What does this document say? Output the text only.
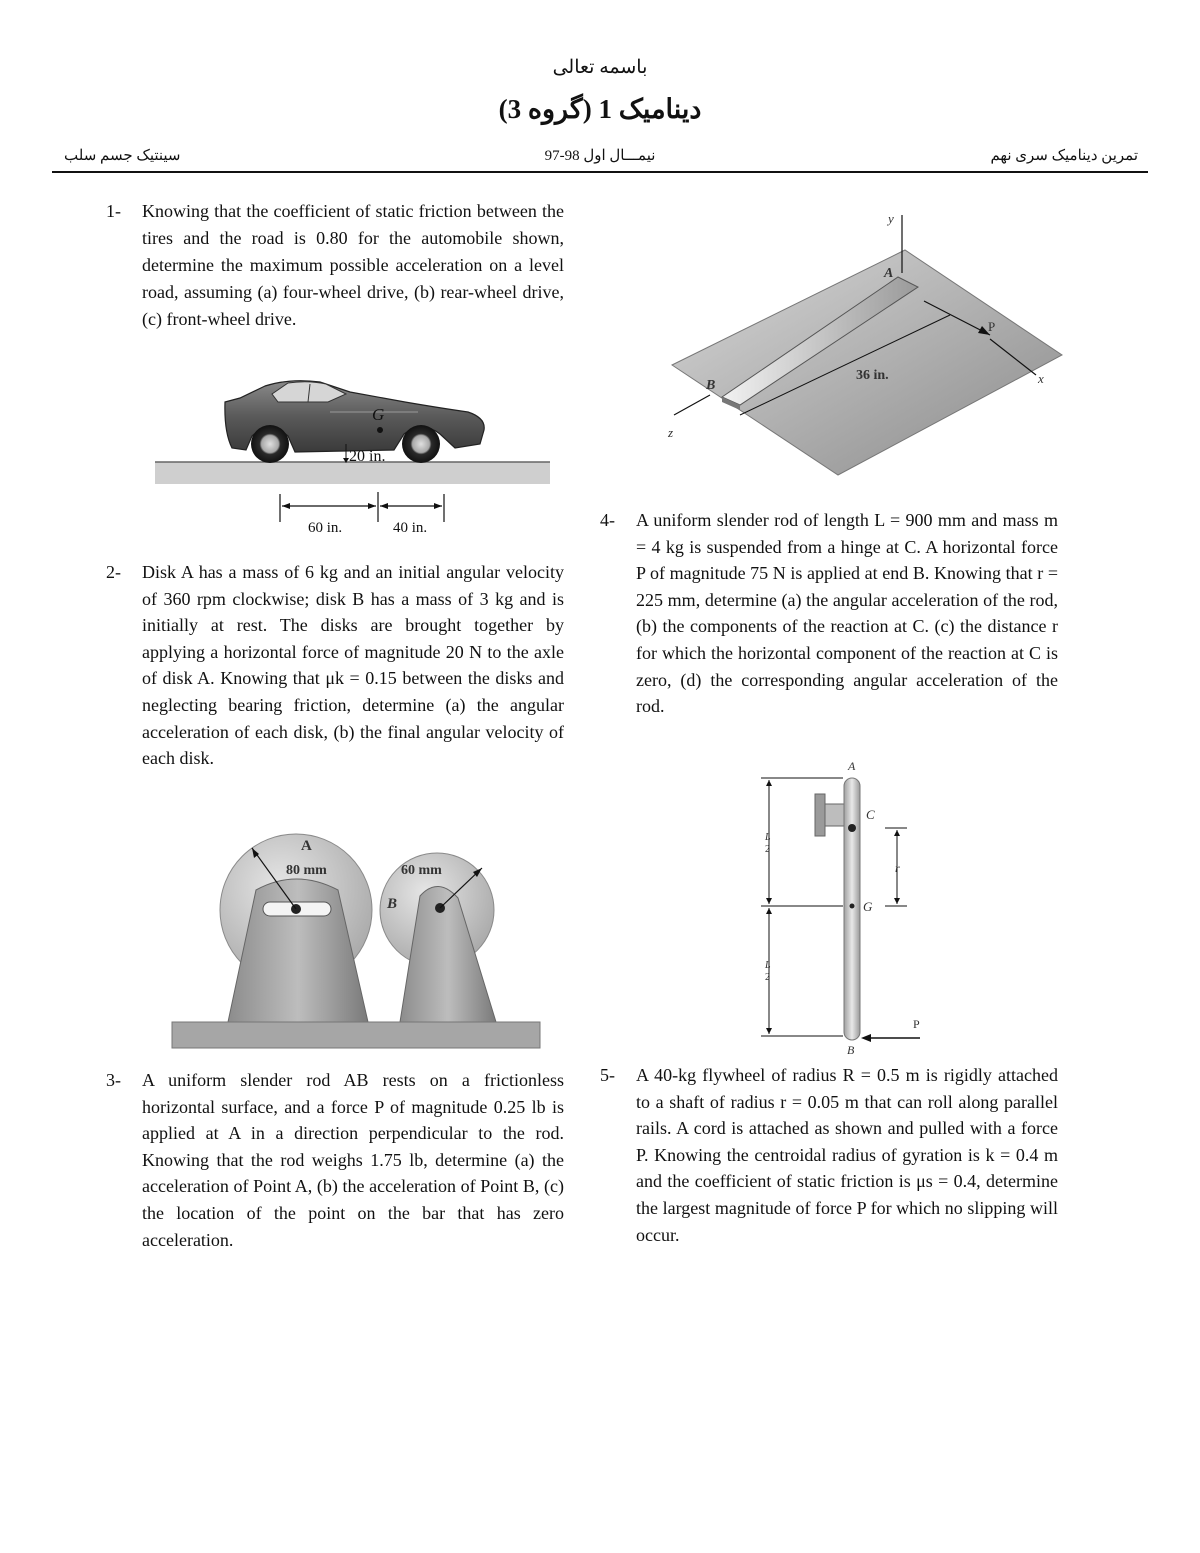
باسمه تعالی
دینامیک 1 (گروه 3)
تمرین دینامیک سری نهم
نیمـــال اول 98-97
سینتیک جسم سلب
1- Knowing that the coefficient of static friction between the tires and the road is 0.80 for the automobile shown, determine the maximum possible acceleration on a level road, assuming (a) four-wheel drive, (b) rear-wheel drive, (c) front-wheel drive.
G
20 in.
60 in.	40 in.
2- Disk A has a mass of 6 kg and an initial angular velocity of 360 rpm clockwise; disk B has a mass of 3 kg and is initially at rest. The disks are brought together by applying a horizontal force of magnitude 20 N to the axle of disk A. Knowing that μk = 0.15 between the disks and neglecting bearing friction, determine (a) the angular acceleration of each disk, (b) the final angular velocity of each disk.
A
80 mm	60 mm
B
3- A uniform slender rod AB rests on a frictionless horizontal surface, and a force P of magnitude 0.25 lb is applied at A in a direction perpendicular to the rod. Knowing that the rod weighs 1.75 lb, determine (a) the acceleration of Point A, (b) the acceleration of Point B, (c) the location of the point on the bar that has zero acceleration.
y
A
P
36 in.
B	x
z
4- A uniform slender rod of length L = 900 mm and mass m = 4 kg is suspended from a hinge at C. A horizontal force P of magnitude 75 N is applied at end B. Knowing that r = 225 mm, determine (a) the angular acceleration of the rod, (b) the components of the reaction at C. (c) the distance r for which the horizontal component of the reaction at C is zero, (d) the corresponding angular acceleration of the rod.
A
C
G
r
L
2
L
2
P
B
5- A 40-kg flywheel of radius R = 0.5 m is rigidly attached to a shaft of radius r = 0.05 m that can roll along parallel rails. A cord is attached as shown and pulled with a force P. Knowing the centroidal radius of gyration is k = 0.4 m and the coefficient of static friction is μs = 0.4, determine the largest magnitude of force P for which no slipping will occur.
